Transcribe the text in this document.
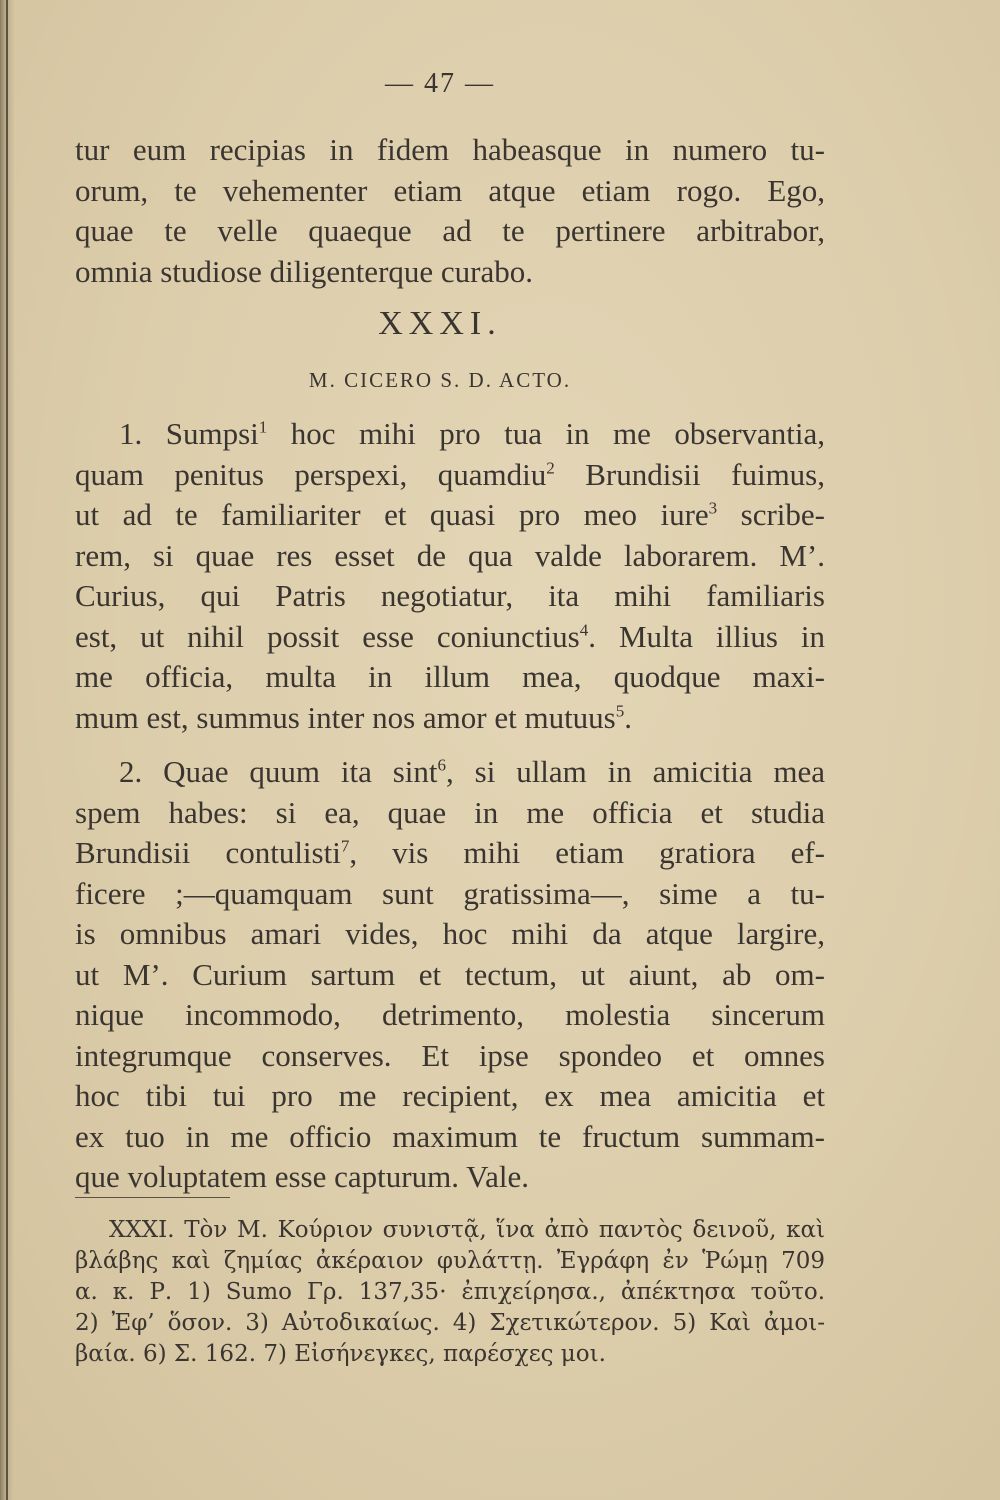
— 47 —
tur eum recipias in fidem habeasque in numero tu-
orum, te vehementer etiam atque etiam rogo. Ego,
quae te velle quaeque ad te pertinere arbitrabor,
omnia studiose diligenterque curabo.
XXXI.
M. CICERO S. D. ACTO.
1. Sumpsi$^1$ hoc mihi pro tua in me observantia,
quam penitus perspexi, quamdiu$^2$ Brundisii fuimus,
ut ad te familiariter et quasi pro meo iure$^3$ scribe-
rem, si quae res esset de qua valde laborarem. M’.
Curius, qui Patris negotiatur, ita mihi familiaris
est, ut nihil possit esse coniunctius$^4$. Multa illius in
me officia, multa in illum mea, quodque maxi-
mum est, summus inter nos amor et mutuus$^5$.
2. Quae quum ita sint$^6$, si ullam in amicitia mea
spem habes: si ea, quae in me officia et studia
Brundisii contulisti$^7$, vis mihi etiam gratiora ef-
ficere ;—quamquam sunt gratissima—, sime a tu-
is omnibus amari vides, hoc mihi da atque largire,
ut M’. Curium sartum et tectum, ut aiunt, ab om-
nique incommodo, detrimento, molestia sincerum
integrumque conserves. Et ipse spondeo et omnes
hoc tibi tui pro me recipient, ex mea amicitia et
ex tuo in me officio maximum te fructum summam-
que voluptatem esse capturum. Vale.
XXXI. Τὸν Μ. Κούριον συνιστᾷ, ἵνα ἀπὸ παντὸς δεινοῦ, καὶ
βλάβης καὶ ζημίας ἀκέραιον φυλάττῃ. Ἐγράφη ἐν Ῥώμῃ 709
α. κ. Ρ. 1) Sumo Γρ. 137,35· ἐπιχείρησα., ἀπέκτησα τοῦτο.
2) Ἐφ’ ὅσον. 3) Αὐτοδικαίως. 4) Σχετικώτερον. 5) Καὶ ἀμοι-
βαία. 6) Σ. 162. 7) Εἰσήνεγκες, παρέσχες μοι.
